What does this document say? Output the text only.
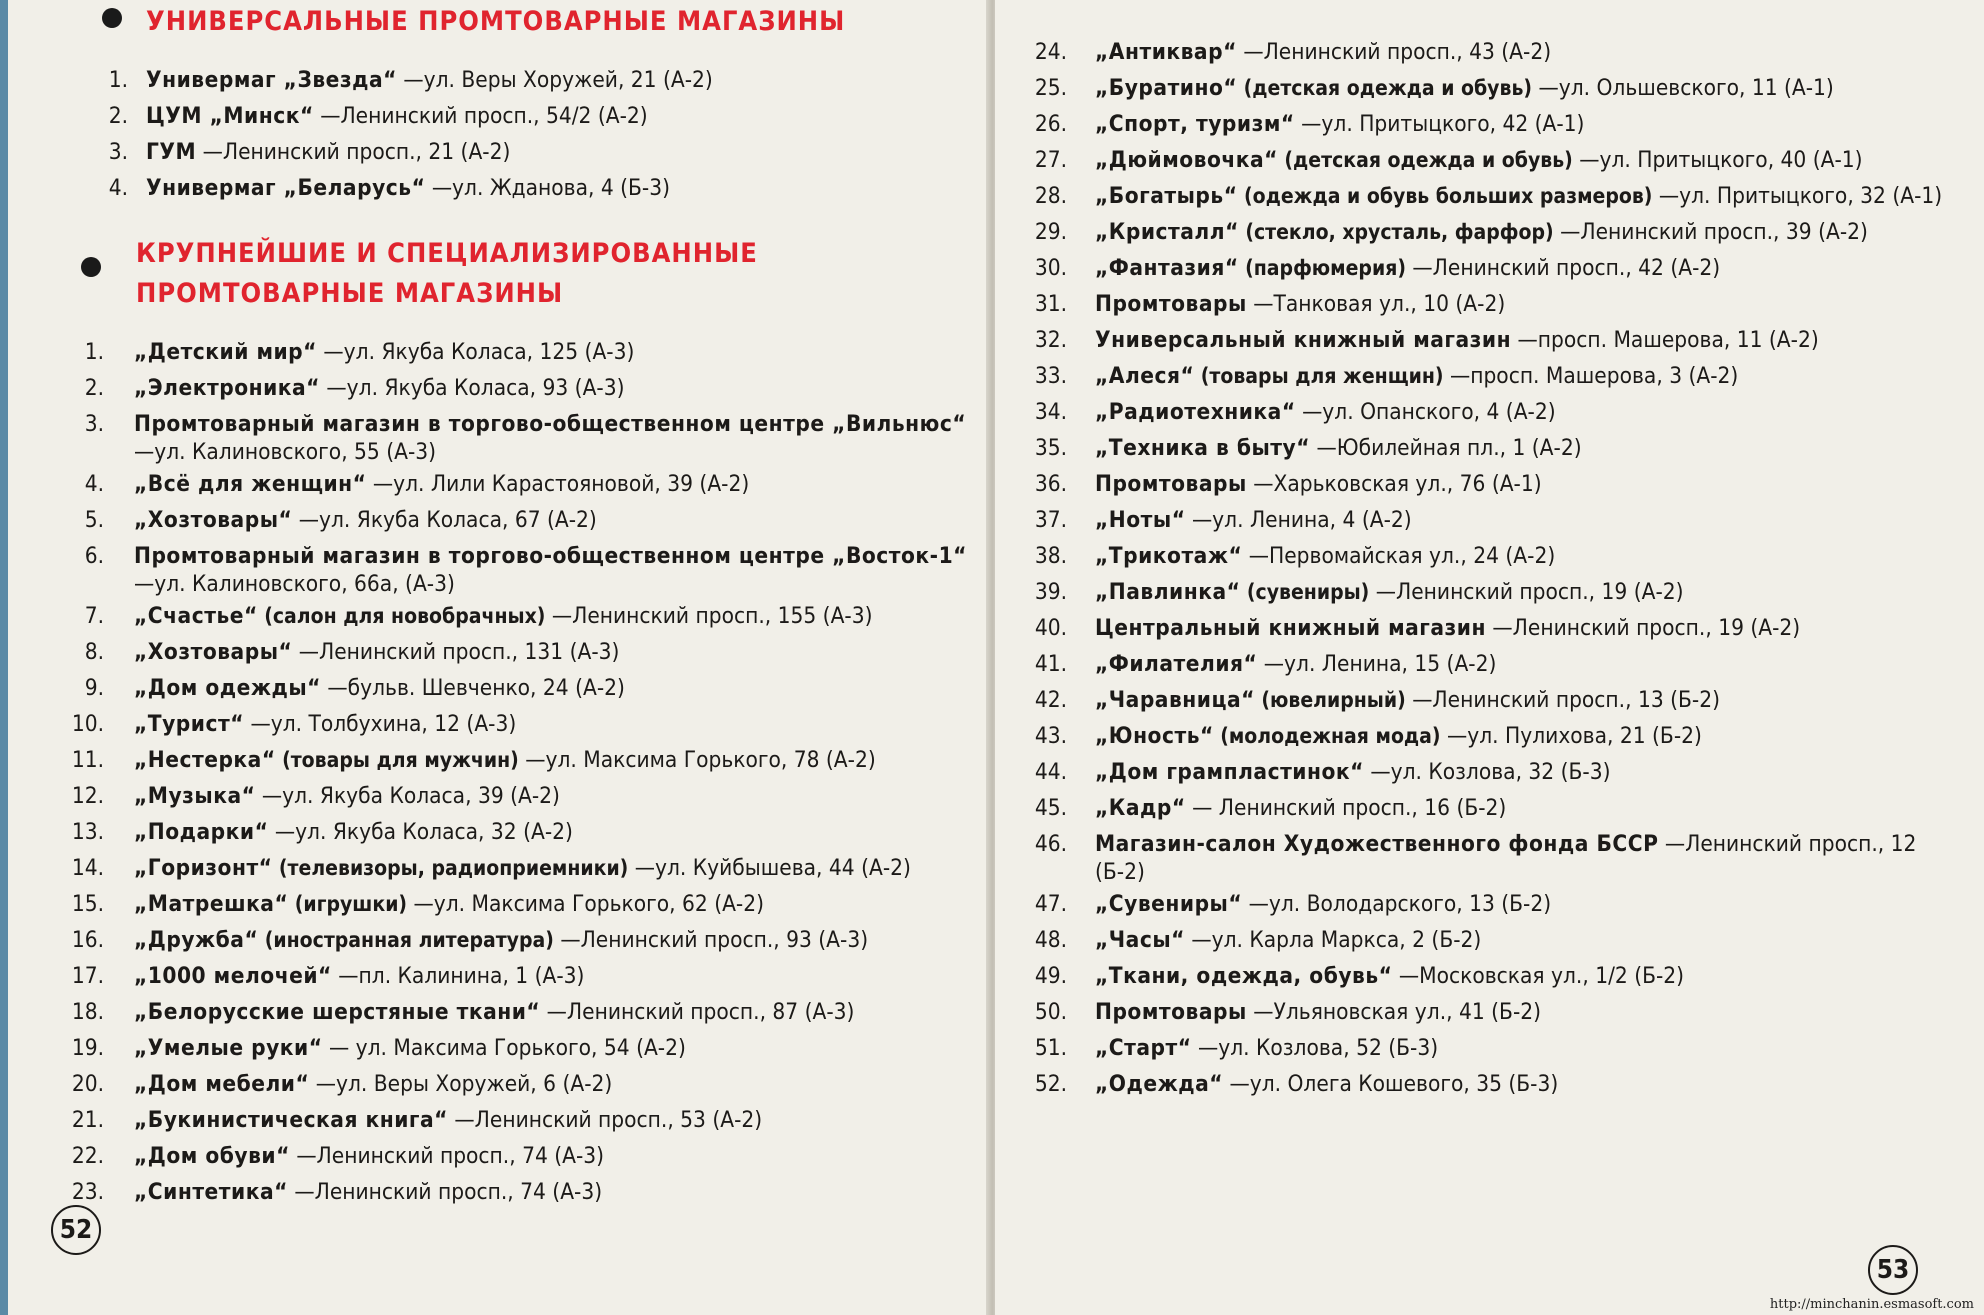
УНИВЕРСАЛЬНЫЕ ПРОМТОВАРНЫЕ МАГАЗИНЫ
1. Универмаг „Звезда“ —ул. Веры Хоружей, 21 (А-2)
2. ЦУМ „Минск“ —Ленинский просп., 54/2 (А-2)
3. ГУМ —Ленинский просп., 21 (А-2)
4. Универмаг „Беларусь“ —ул. Жданова, 4 (Б-3)
КРУПНЕЙШИЕ И СПЕЦИАЛИЗИРОВАННЫЕ
ПРОМТОВАРНЫЕ МАГАЗИНЫ
1. „Детский мир“ —ул. Якуба Коласа, 125 (А-3)
2. „Электроника“ —ул. Якуба Коласа, 93 (А-3)
3. Промтоварный магазин в торгово-общественном центре „Вильнюс“ —ул. Калиновского, 55 (А-3)
4. „Всё для женщин“ —ул. Лили Карастояновой, 39 (А-2)
5. „Хозтовары“ —ул. Якуба Коласа, 67 (А-2)
6. Промтоварный магазин в торгово-общественном центре „Восток-1“ —ул. Калиновского, 66а, (А-3)
7. „Счастье“ (салон для новобрачных) —Ленинский просп., 155 (А-3)
8. „Хозтовары“ —Ленинский просп., 131 (А-3)
9. „Дом одежды“ —бульв. Шевченко, 24 (А-2)
10. „Турист“ —ул. Толбухина, 12 (А-3)
11. „Нестерка“ (товары для мужчин) —ул. Максима Горького, 78 (А-2)
12. „Музыка“ —ул. Якуба Коласа, 39 (А-2)
13. „Подарки“ —ул. Якуба Коласа, 32 (А-2)
14. „Горизонт“ (телевизоры, радиоприемники) —ул. Куйбышева, 44 (А-2)
15. „Матрешка“ (игрушки) —ул. Максима Горького, 62 (А-2)
16. „Дружба“ (иностранная литература) —Ленинский просп., 93 (А-3)
17. „1000 мелочей“ —пл. Калинина, 1 (А-3)
18. „Белорусские шерстяные ткани“ —Ленинский просп., 87 (А-3)
19. „Умелые руки“ — ул. Максима Горького, 54 (А-2)
20. „Дом мебели“ —ул. Веры Хоружей, 6 (А-2)
21. „Букинистическая книга“ —Ленинский просп., 53 (А-2)
22. „Дом обуви“ —Ленинский просп., 74 (А-3)
23. „Синтетика“ —Ленинский просп., 74 (А-3)
52
24. „Антиквар“ —Ленинский просп., 43 (А-2)
25. „Буратино“ (детская одежда и обувь) —ул. Ольшевского, 11 (А-1)
26. „Спорт, туризм“ —ул. Притыцкого, 42 (А-1)
27. „Дюймовочка“ (детская одежда и обувь) —ул. Притыцкого, 40 (А-1)
28. „Богатырь“ (одежда и обувь больших размеров) —ул. Притыцкого, 32 (А-1)
29. „Кристалл“ (стекло, хрусталь, фарфор) —Ленинский просп., 39 (А-2)
30. „Фантазия“ (парфюмерия) —Ленинский просп., 42 (А-2)
31. Промтовары —Танковая ул., 10 (А-2)
32. Универсальный книжный магазин —просп. Машерова, 11 (А-2)
33. „Алеся“ (товары для женщин) —просп. Машерова, 3 (А-2)
34. „Радиотехника“ —ул. Опанского, 4 (А-2)
35. „Техника в быту“ —Юбилейная пл., 1 (А-2)
36. Промтовары —Харьковская ул., 76 (А-1)
37. „Ноты“ —ул. Ленина, 4 (А-2)
38. „Трикотаж“ —Первомайская ул., 24 (А-2)
39. „Павлинка“ (сувениры) —Ленинский просп., 19 (А-2)
40. Центральный книжный магазин —Ленинский просп., 19 (А-2)
41. „Филателия“ —ул. Ленина, 15 (А-2)
42. „Чаравница“ (ювелирный) —Ленинский просп., 13 (Б-2)
43. „Юность“ (молодежная мода) —ул. Пулихова, 21 (Б-2)
44. „Дом грампластинок“ —ул. Козлова, 32 (Б-3)
45. „Кадр“ — Ленинский просп., 16 (Б-2)
46. Магазин-салон Художественного фонда БССР —Ленинский просп., 12 (Б-2)
47. „Сувениры“ —ул. Володарского, 13 (Б-2)
48. „Часы“ —ул. Карла Маркса, 2 (Б-2)
49. „Ткани, одежда, обувь“ —Московская ул., 1/2 (Б-2)
50. Промтовары —Ульяновская ул., 41 (Б-2)
51. „Старт“ —ул. Козлова, 52 (Б-3)
52. „Одежда“ —ул. Олега Кошевого, 35 (Б-3)
53
http://minchanin.esmasoft.com
